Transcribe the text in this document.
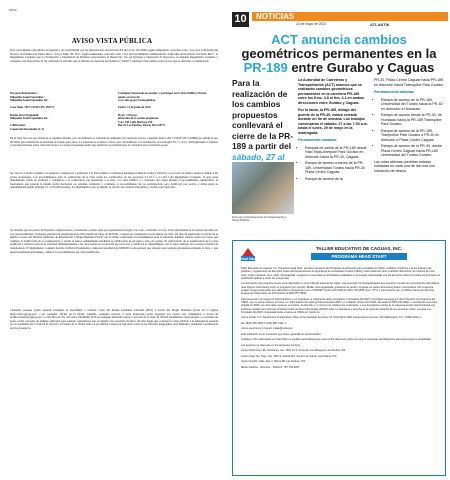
27/34
AVISO VISTA PÚBLICA
Para conocimiento del público en general y de conformidad con las disposiciones del Artículo 8.6 de la Ley 161-2009, según enmendada, conocida como “Ley para la Reforma del Proceso de Permisos de Puerto Rico”, la Ley Núm. 38 -2017, según enmendada, conocida como “Ley de Procedimiento Administrativo Uniforme del Gobierno de Puerto Rico”, el Reglamento Conjunto para la Evaluación y Expedición de Permisos relacionados al Desarrollo, Uso de Terrenos y Operación de Negocios, en adelante Reglamento Conjunto y cualquier otra disposición de ley aplicable, se informa que la Oficina de Gerencia de Permisos (“OGPe”) celebrará vista pública para el caso que se describe a continuación:
Proyecto/Peticionario:
Mingalito Sound Specialist /
Mingalito Sound Specialist Inc.

Caso Núm. 2017-154197-PU-185771

Dueño de la Propiedad:
Mingalito Sound Specialist Inc.

Calificación:
Comercial Intermedio (C-I)
Cualquier interesado en acceder y participar en la Vista Pública Virtual
puede a través de:
www.sbo.pr.gov/vistaspublicas

Fecha: 12 de junio de 2023

Hora: 1:00 p.m.
Dirección de la acción propuesta:
Carr 198 Calle Barbosa #10
Barrio Las Piedras, Puerto Rico 00771
En la vista del caso de referencia se atenderá discutir, pero sin limitarse a: solicitud de enmienda vía variación en uso, a permiso únicos 2017-154197-PU-152868 para añadir el uso de Taller para instalación de sistemas de sonido para autos. La solicitud se evaluará a tenor, pero sin limitarse, a lo establecido en las Reglas 8.1.7 y 6.1.1 del Reglamento Conjunto y sus disposiciones sobre variación en uso. La parte proponente tendrá que justificar su solicitud para la concesión de la variación en uso.
Se convoca e invita al público en general a comparecer y participar a la vista pública a celebrarse mediante el método arriba (“virtual”), con acceso al público general, debido a las partes recurrentes. Los procedimientos para la celebración de la vista serán los establecidos en las secciones 2.1.10.7 a 2.1.10.11 del Reglamento Conjunto. Si una parte debidamente citada no participa o comparece a la conferencia con antelación a la vista, a la vista pública o a cualquier otra etapa durante el procedimiento adjudicativo, el funcionario que preside la misma podrá declararla en rebeldía, realizarla y continuar el procedimiento sin su participación, pero notificará por escrito a dicha parte su determinación según la Regla 2.1.7 (Notificaciones), los fundamentos para la misma, el recurso de revisión disponible y el plazo para ejercerlo.
Se advierte que las partes, incluyendo comparecencia y sociedades, podrán optar por representación legal a su costo, conforme a la Ley. Todo participante se le orienta que debe ser con responsabilidad. Cualquier solicitud de transferencia de vista tendrá un cargo de $100.00, y deberá ser presentada con no menos de cinco (5) días de antelación a la fecha de la misma a través del Sistema Unificado de Información (“Single Business Portal”) de la OGPe, expresando los fundamentos para la solicitud. Además, deberá, sobre los costos que conlleve la notificación de la transferencia y enviar el nuevo señalamiento mediante la publicación de un nuevo aviso de prensa. El peticionario de la transferencia de la vista notificará y enviará copia de la solicitud simultáneamente a las otras partes su reconocida en el proceso y publicará el cumplimiento con lo aquí ordenado en la propia solicitud de transferencia. El Reglamento Conjunto faculta al Oficial Examinador a imponer una multa de $500.00 a toda persona que observe una conducta irrespetuosa durante la vista, o que intencionalmente interrumpa o dilate los procedimientos sin causa justificada.
Cualquier persona podrá requerir examinar el expediente o solicitar copia del mismo mediante solicitud (SICI) a través del Single Business Portal en la página https://sbp.ogpe.pr.gov/ o en cualquier oficina de la OGPe. Además, cualquier persona o parte interesada podrá presentar por escrito sus comentarios a través de notificaciones@ogpe.pr.gov o a PO Box 41179, San Juan, PR 00940-1179 en cualquier momento previo a la fecha de la vista. El Oficial Examinador, motu proprio o a solicitud de parte, podrá conceder un término adicional para someter comentarios que en ningún caso excederá de diez (10) días desde que concluya la vista. Debido a la emergencia causada por la pandemia del Covid-19 el Servicio al Cliente de la OGPe tanto en su Oficina Central en San Juan como en las Oficinas Regionales, será limitada y mediante coordinación previa al respecto.
10	NOTICIAS
24 de mayo de 2023	ATLANTIK
ACT anuncia cambios
geométricos permanentes en la
PR-189 entre Gurabo y Caguas
Para la realización de los cambios propuestos conllevará el cierre de la PR-189 a partir del sábado, 27 al
Fotos por el Departamento de Transportación y Obras Públicas

La Autoridad de Carreteras y Transportación (ACT) anunció que se realizarán cambios geométricos permanentes en la carretera PR-189 entre los Kms. 3.8 al Km. 4.1 en ambas direcciones entre Gurabo y Caguas.

Por lo tanto, la PR-189, debajo del puente de la PR-30, estará cerrada durante un fin de semana. Los trabajos comenzarán el sábado, 27 a las 7:00 a.m. hasta el lunes, 29 de mayo en la madrugada.

Permanentes cambios:

• Rampas de salida de la PR-189 desde Hato Tejas-Interpole Park Gurabo en dirección hacia la PR-30, Caguas.
• Rampa de acceso a través de la PR-189, Universidad Turabo hacia PR-30 Plaza Centro Caguas.
• Rampa de acceso de la

PR-30, Plaza Centro Caguas hacia PR-189 en dirección hacia Tramspline Park Gurabo.

Permanecerán abiertas:

• Rampa de acceso de la PR-189, Universidad del Turabo hacia la PR-30 en dirección a Humacao.
• Rampa de acceso desde la PR-30, de Humacao hacia la PR-189 Tramspline Park Gurabo.
• Rampa de acceso de la PR-189, Trampoline Park Gurabo a PR-30 en dirección a Plaza Centro Caguas.
• Rampa de acceso de la PR-30, desde Plaza Centro Caguas hacia PR-189 Universidad del Turabo Gurabo.

Las rutas alternas previstas estarán indicadas en cada una de las vías con rotulación de desvío.

Head Start
TALLER EDUCATIVO DE CAGUAS, INC.
PROGRAMA HEAD START

Taller Educativo de Caguas, Inc. Programa Head Start, anuncia el auspicio del Programa de Alimentos para Cuidados de Niños y Adultos. Conforme a la ley federal y las políticas y regulaciones de derechos civiles del Departamento de Agricultura de los Estados Unidos (USDA), esta institución tiene prohibido discriminar por motivos de raza, color, origen nacional, sexo, edad, discapacidad, venganza o represalia por actividades realizadas en el pasado relacionadas con los derechos civiles (no todos los principios de prohibición aplican a todos los programas).

La información del programa puede estar disponible en otros idiomas además del inglés. Las personas con discapacidades que requieren medios de comunicación alternativos para obtener información sobre el programa (por ejemplo, Braille, letra agrandada, grabación de audio y lenguaje de señas americano) deben comunicarse con la agencia estatal o local responsable que administra el programa o con el TARGET Center del USDA al (202) 720-2600 (voz y TTY) o comunicarse con el USDA a través del Servicio Federal de Transmisión de Información al (800) 877-8339.

Para presentar una queja por discriminación en el programa, el reclamante debe completar un formulario AD-3027, Formulario de queja por discriminación del programa del USDA, que se puede obtener en línea, en: https://www.ocio.usda.gov/document/ad-3027, en cualquier oficina del USDA, llamando al (866) 632-9992, o escribiendo una carta dirigida al USDA. La carta debe contener el nombre, la dirección y el número de teléfono del reclamante, y una descripción escrita de la supuesta acción discriminatoria con suficiente detalle para informar al Subsecretario de Derechos Civiles (ASCR) sobre la naturaleza y la fecha de la presunta violación de los derechos civiles. La carta o el formulario AD-3027 completado debe enviarse al USDA por medio de:

correo postal: U.S. Department of Agriculture Office of the Assistant Secretary for Civil Rights 1400 Independence Avenue, SW Washington, D.C. 20250-9410; o

fax: (833) 256-1665 o (202) 690-7442; o

correo electrónico: program.intake@usda.gov.

Esta institución es un proveedor que ofrece igualdad de oportunidades.

Cualquier niño matriculado en Head Start es elegible automáticamente para recibir alimentos gratis sin requerir completar certificaciones para determinar su elegibilidad.

Los servicios se ofrecerán en los siguientes Centros:

Centro Mormones: Bo. Montones, carr. 183 | km 17.8 Sector Los Mangues, Las Piedras, P.R.

Centro Viejo: Bo. Viejo, carr. 182 int, Ramal 921, Sector Las Cabra, Las Piedras, P.R.

Centro Pueblo: Calle José T. Piñero #8, Las Piedras, P.R.

Miriam Medina · Directora · Teléfono: 787-705-9057
